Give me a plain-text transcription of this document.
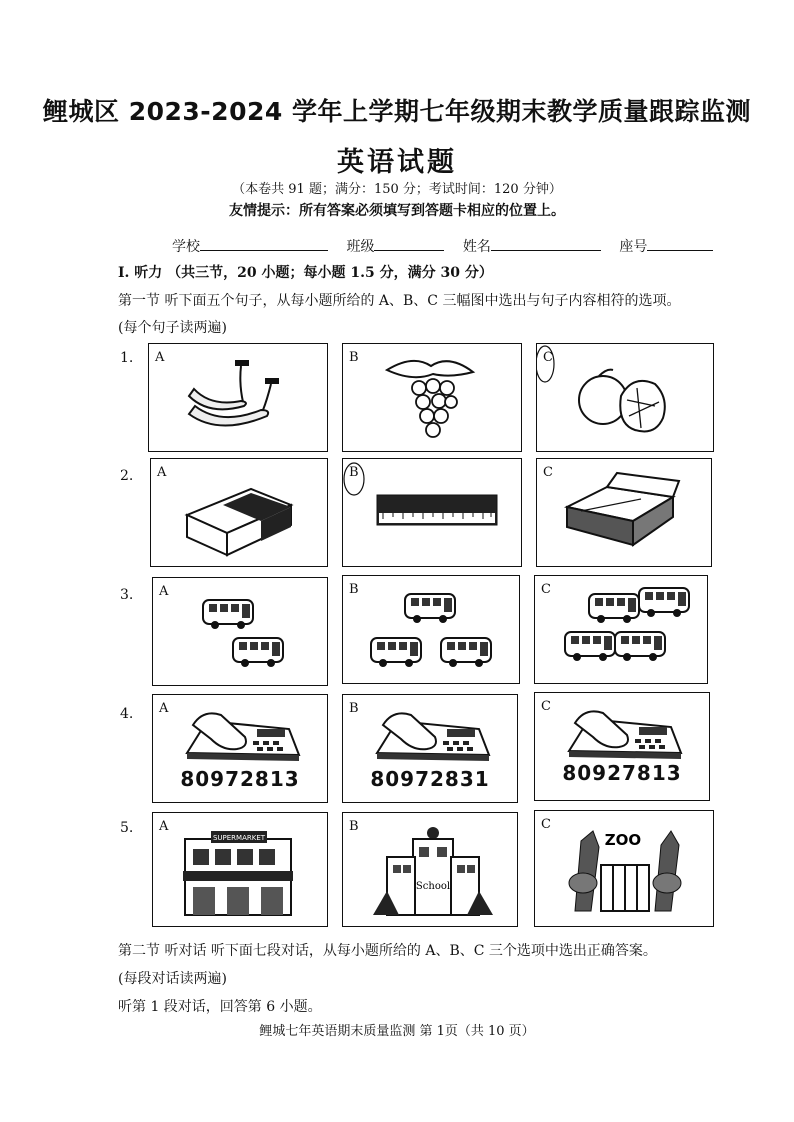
鲤城区 2023-2024 学年上学期七年级期末教学质量跟踪监测
英语试题
（本卷共 91 题；满分：150 分；考试时间：120 分钟）
友情提示：所有答案必须填写到答题卡相应的位置上。
学校	班级	姓名	座号
I. 听力 （共三节，20 小题；每小题 1.5 分，满分 30 分）
第一节 听下面五个句子，从每小题所给的 A、B、C 三幅图中选出与句子内容相符的选项。
(每个句子读两遍)
1. A	B	C
2. A	B	C
3. A	B	C
4. A
80972813
B
80972831
C
80927813
5. A
SUPERMARKET
B
School
C
ZOO
第二节 听对话 听下面七段对话，从每小题所给的 A、B、C 三个选项中选出正确答案。
(每段对话读两遍)
听第 1 段对话，回答第 6 小题。
鲤城七年英语期末质量监测 第 1页（共 10 页）
